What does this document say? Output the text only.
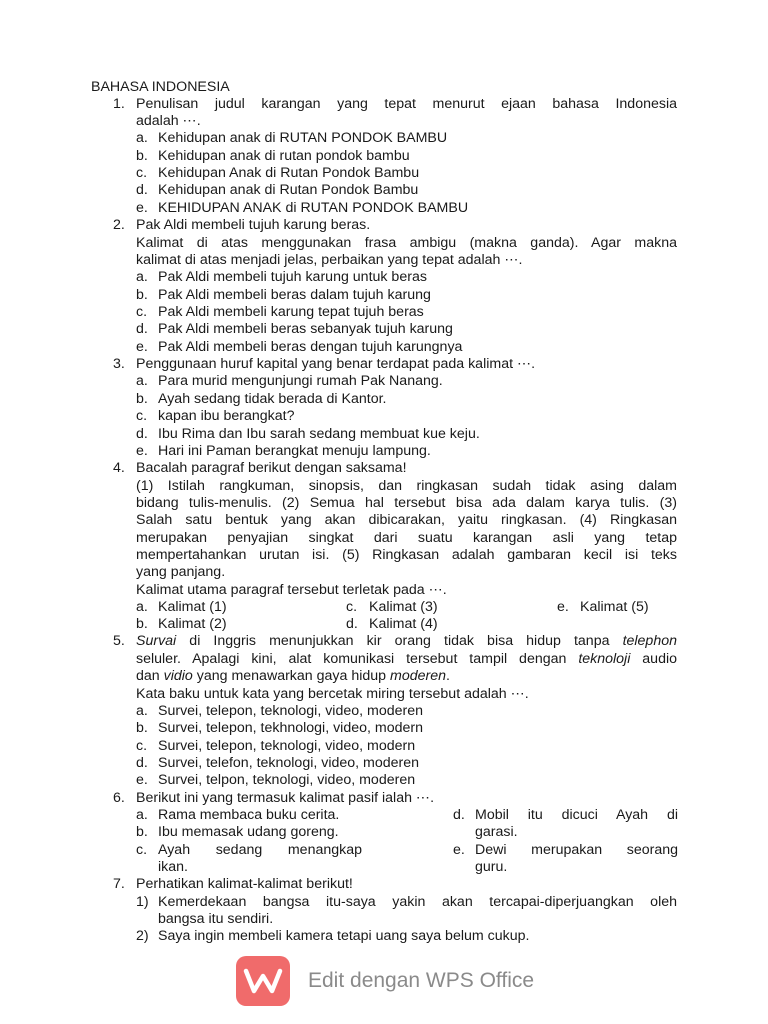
BAHASA INDONESIA
1. Penulisan judul karangan yang tepat menurut ejaan bahasa Indonesia
adalah ⋯.
a. Kehidupan anak di RUTAN PONDOK BAMBU
b. Kehidupan anak di rutan pondok bambu
c. Kehidupan Anak di Rutan Pondok Bambu
d. Kehidupan anak di Rutan Pondok Bambu
e. KEHIDUPAN ANAK di RUTAN PONDOK BAMBU
2. Pak Aldi membeli tujuh karung beras.
Kalimat di atas menggunakan frasa ambigu (makna ganda). Agar makna
kalimat di atas menjadi jelas, perbaikan yang tepat adalah ⋯.
a. Pak Aldi membeli tujuh karung untuk beras
b. Pak Aldi membeli beras dalam tujuh karung
c. Pak Aldi membeli karung tepat tujuh beras
d. Pak Aldi membeli beras sebanyak tujuh karung
e. Pak Aldi membeli beras dengan tujuh karungnya
3. Penggunaan huruf kapital yang benar terdapat pada kalimat ⋯.
a. Para murid mengunjungi rumah Pak Nanang.
b. Ayah sedang tidak berada di Kantor.
c. kapan ibu berangkat?
d. Ibu Rima dan Ibu sarah sedang membuat kue keju.
e. Hari ini Paman berangkat menuju lampung.
4. Bacalah paragraf berikut dengan saksama!
(1) Istilah rangkuman, sinopsis, dan ringkasan sudah tidak asing dalam
bidang tulis-menulis. (2) Semua hal tersebut bisa ada dalam karya tulis. (3)
Salah satu bentuk yang akan dibicarakan, yaitu ringkasan. (4) Ringkasan
merupakan penyajian singkat dari suatu karangan asli yang tetap
mempertahankan urutan isi. (5) Ringkasan adalah gambaran kecil isi teks
yang panjang.
Kalimat utama paragraf tersebut terletak pada ⋯.
a. Kalimat (1)	c. Kalimat (3)	e. Kalimat (5)
b. Kalimat (2)	d. Kalimat (4)
5. Survai di Inggris menunjukkan kir orang tidak bisa hidup tanpa telephon
seluler. Apalagi kini, alat komunikasi tersebut tampil dengan teknoloji audio
dan vidio yang menawarkan gaya hidup moderen.
Kata baku untuk kata yang bercetak miring tersebut adalah ⋯.
a. Survei, telepon, teknologi, video, moderen
b. Survei, telepon, tekhnologi, video, modern
c. Survei, telepon, teknologi, video, modern
d. Survei, telefon, teknologi, video, moderen
e. Survei, telpon, teknologi, video, moderen
6. Berikut ini yang termasuk kalimat pasif ialah ⋯.
a. Rama membaca buku cerita.
b. Ibu memasak udang goreng.
c. Ayah sedang menangkap
ikan.
d. Mobil itu dicuci Ayah di
garasi.
e. Dewi merupakan seorang
guru.
7. Perhatikan kalimat-kalimat berikut!
1) Kemerdekaan bangsa itu-saya yakin akan tercapai-diperjuangkan oleh
bangsa itu sendiri.
2) Saya ingin membeli kamera tetapi uang saya belum cukup.
Edit dengan WPS Office
